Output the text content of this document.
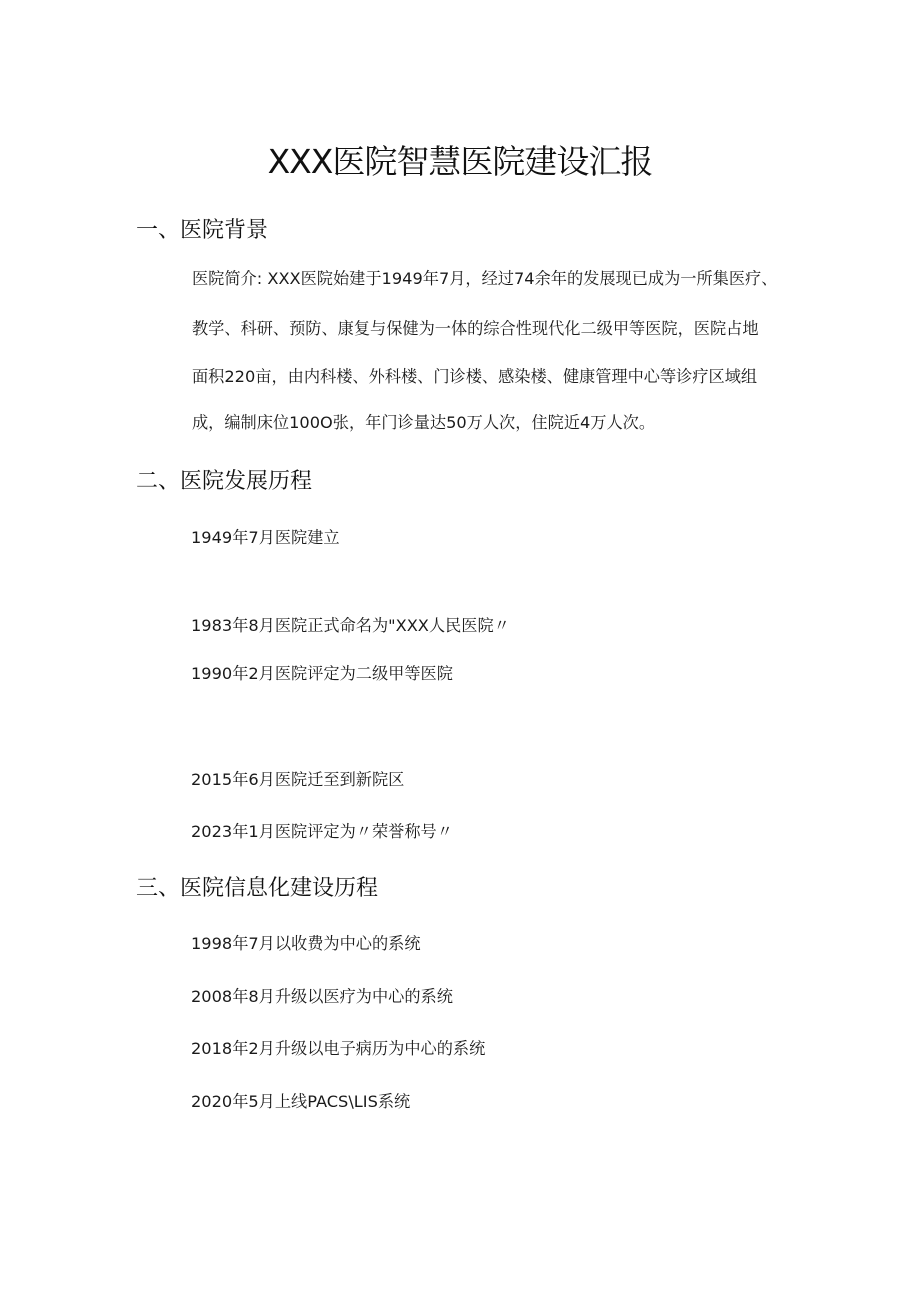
XXX医院智慧医院建设汇报
一、医院背景
医院简介: XXX医院始建于1949年7月，经过74余年的发展现已成为一所集医疗、
教学、科研、预防、康复与保健为一体的综合性现代化二级甲等医院，医院占地
面积220亩，由内科楼、外科楼、门诊楼、感染楼、健康管理中心等诊疗区域组
成，编制床位100O张，年门诊量达50万人次，住院近4万人次。
二、医院发展历程
1949年7月医院建立
1983年8月医院正式命名为"XXX人民医院〃
1990年2月医院评定为二级甲等医院
2015年6月医院迁至到新院区
2023年1月医院评定为〃荣誉称号〃
三、医院信息化建设历程
1998年7月以收费为中心的系统
2008年8月升级以医疗为中心的系统
2018年2月升级以电子病历为中心的系统
2020年5月上线PACS\LIS系统
